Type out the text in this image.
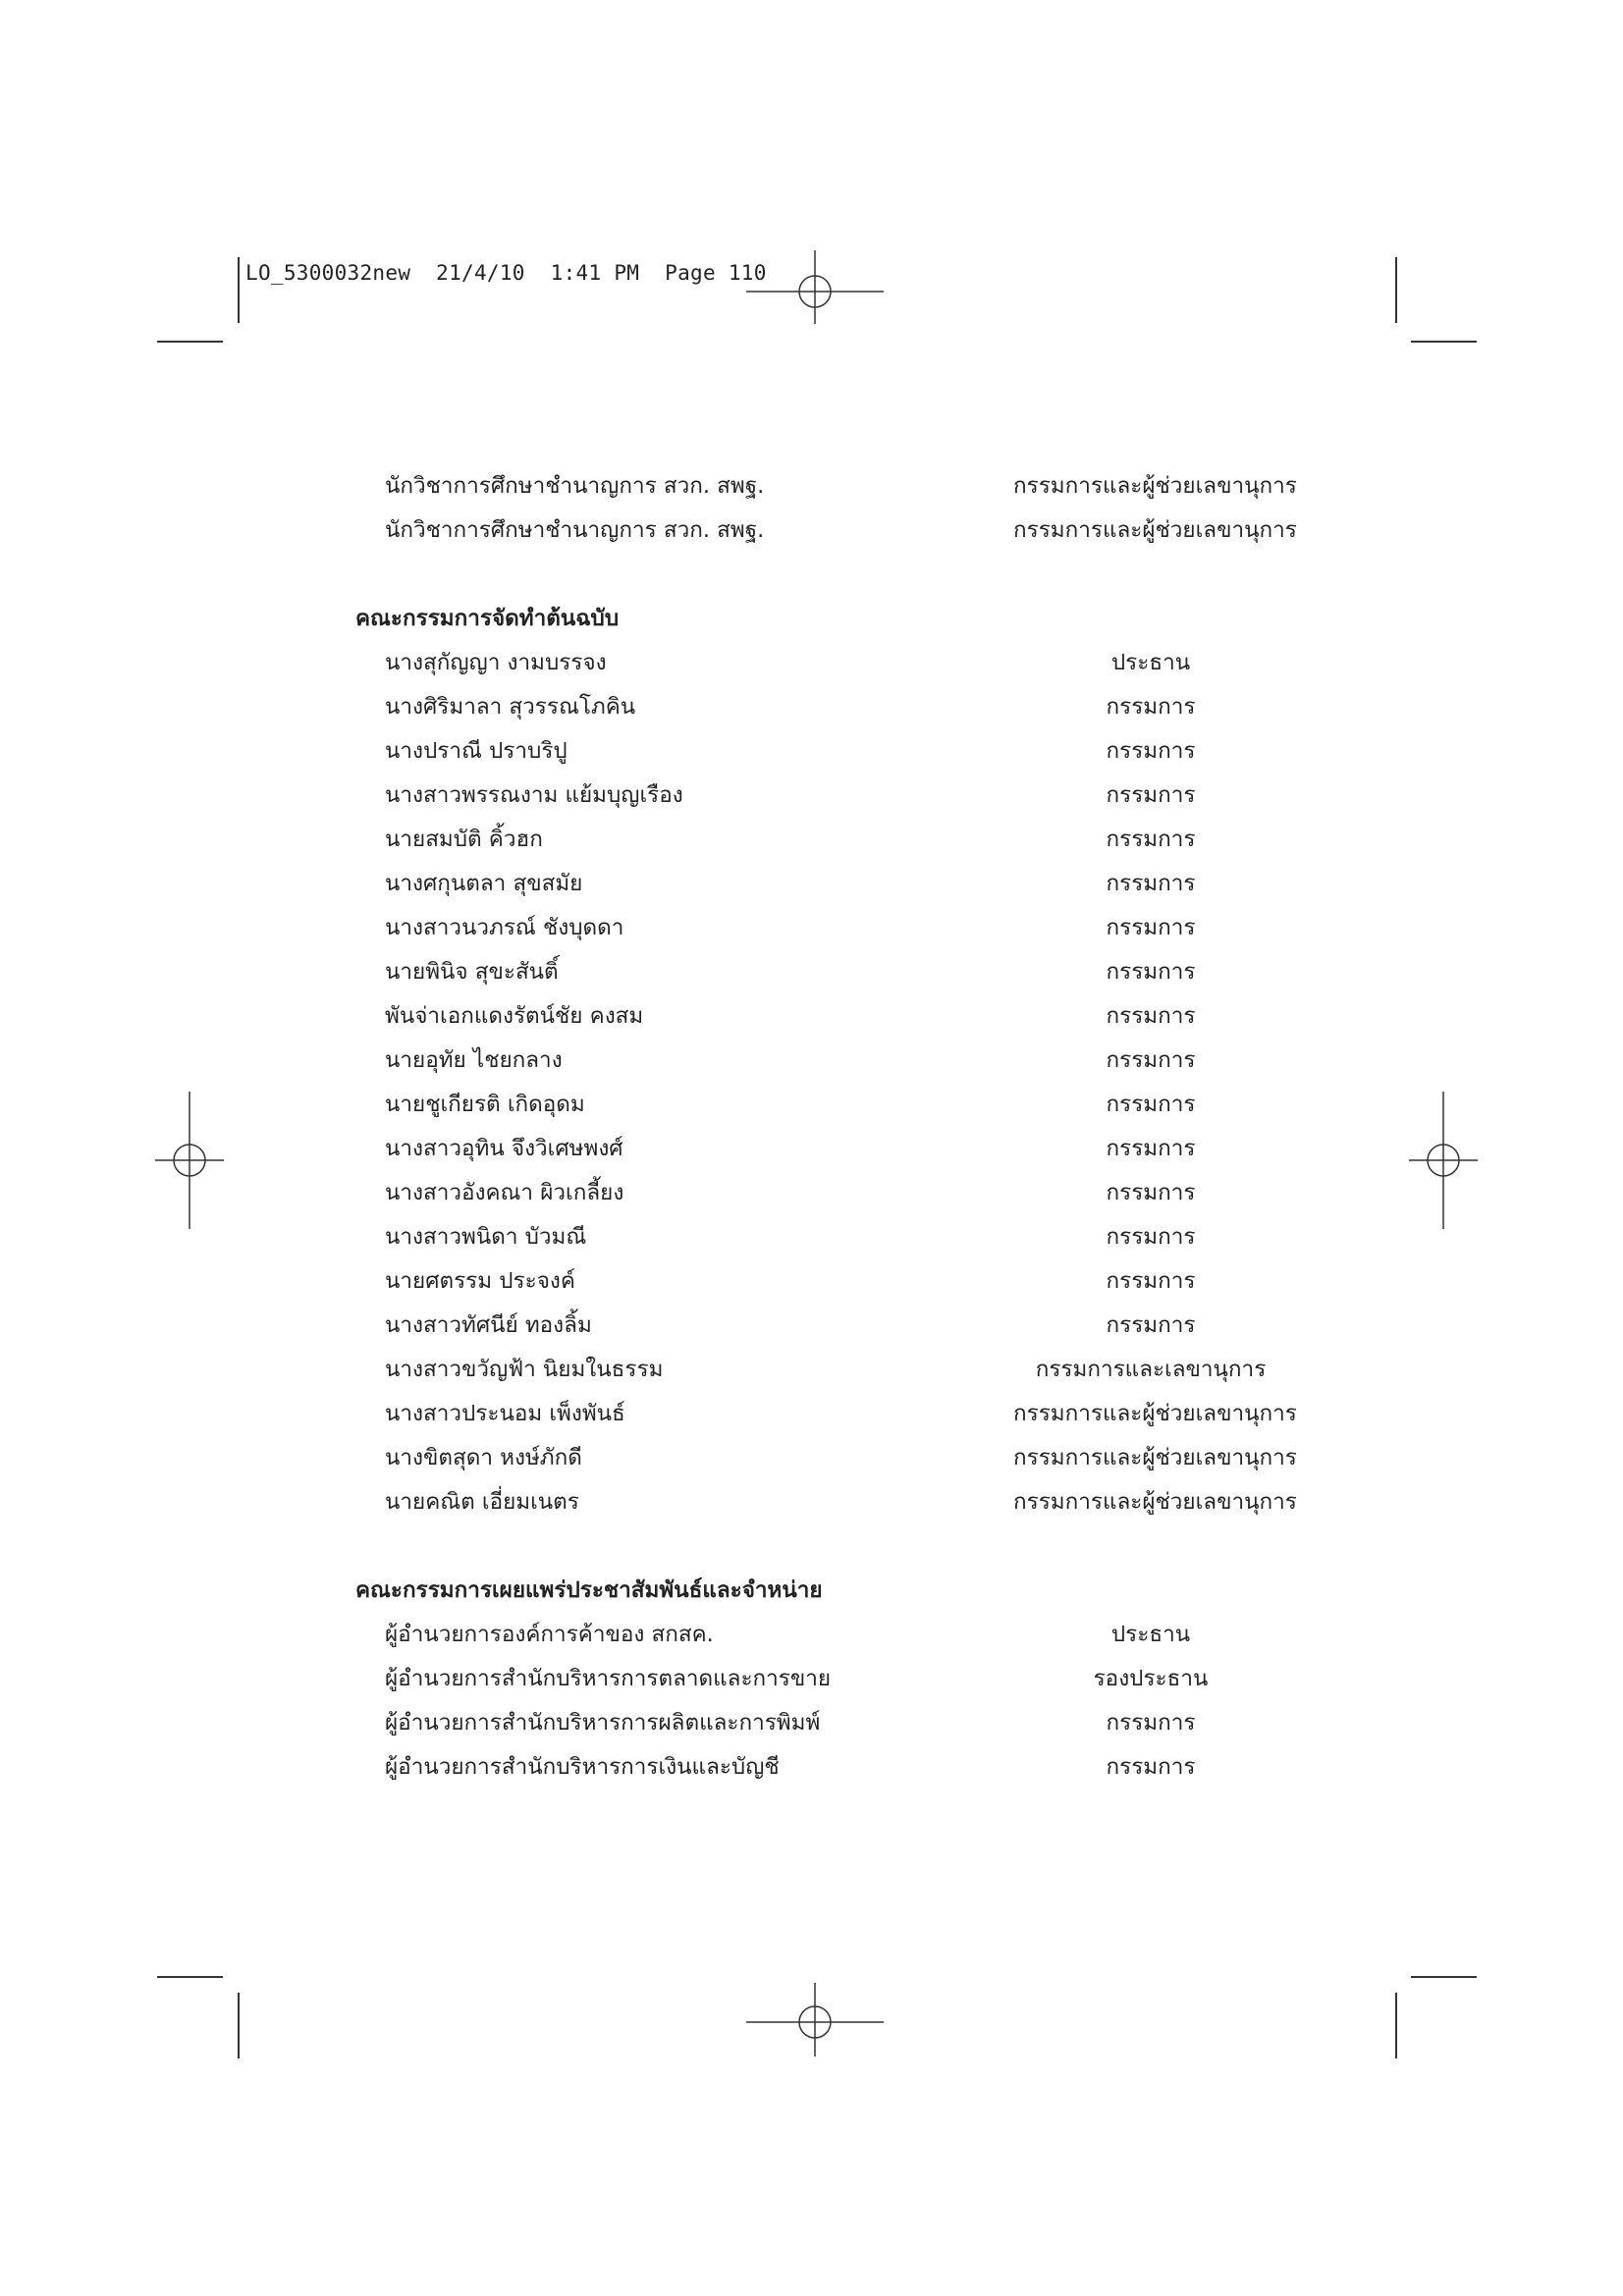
LO_5300032new  21/4/10  1:41 PM  Page 110
นักวิชาการศึกษาชำนาญการ สวก. สพฐ.	กรรมการและผู้ช่วยเลขานุการ
นักวิชาการศึกษาชำนาญการ สวก. สพฐ.	กรรมการและผู้ช่วยเลขานุการ
คณะกรรมการจัดทำต้นฉบับ
นางสุกัญญา งามบรรจง	ประธาน
นางศิริมาลา สุวรรณโภคิน	กรรมการ
นางปราณี ปราบริปู	กรรมการ
นางสาวพรรณงาม แย้มบุญเรือง	กรรมการ
นายสมบัติ คิ้วฮก	กรรมการ
นางศกุนตลา สุขสมัย	กรรมการ
นางสาวนวภรณ์ ชังบุดดา	กรรมการ
นายพินิจ สุขะสันติ์	กรรมการ
พันจ่าเอกแดงรัตน์ชัย คงสม	กรรมการ
นายอุทัย ไชยกลาง	กรรมการ
นายชูเกียรติ เกิดอุดม	กรรมการ
นางสาวอุทิน จึงวิเศษพงศ์	กรรมการ
นางสาวอังคณา ผิวเกลี้ยง	กรรมการ
นางสาวพนิดา บัวมณี	กรรมการ
นายศตรรม ประจงค์	กรรมการ
นางสาวทัศนีย์ ทองลิ้ม	กรรมการ
นางสาวขวัญฟ้า นิยมในธรรม	กรรมการและเลขานุการ
นางสาวประนอม เพ็งพันธ์	กรรมการและผู้ช่วยเลขานุการ
นางขิตสุดา หงษ์ภักดี	กรรมการและผู้ช่วยเลขานุการ
นายคณิต เอี่ยมเนตร	กรรมการและผู้ช่วยเลขานุการ
คณะกรรมการเผยแพร่ประชาสัมพันธ์และจำหน่าย
ผู้อำนวยการองค์การค้าของ สกสค.	ประธาน
ผู้อำนวยการสำนักบริหารการตลาดและการขาย	รองประธาน
ผู้อำนวยการสำนักบริหารการผลิตและการพิมพ์	กรรมการ
ผู้อำนวยการสำนักบริหารการเงินและบัญชี	กรรมการ
